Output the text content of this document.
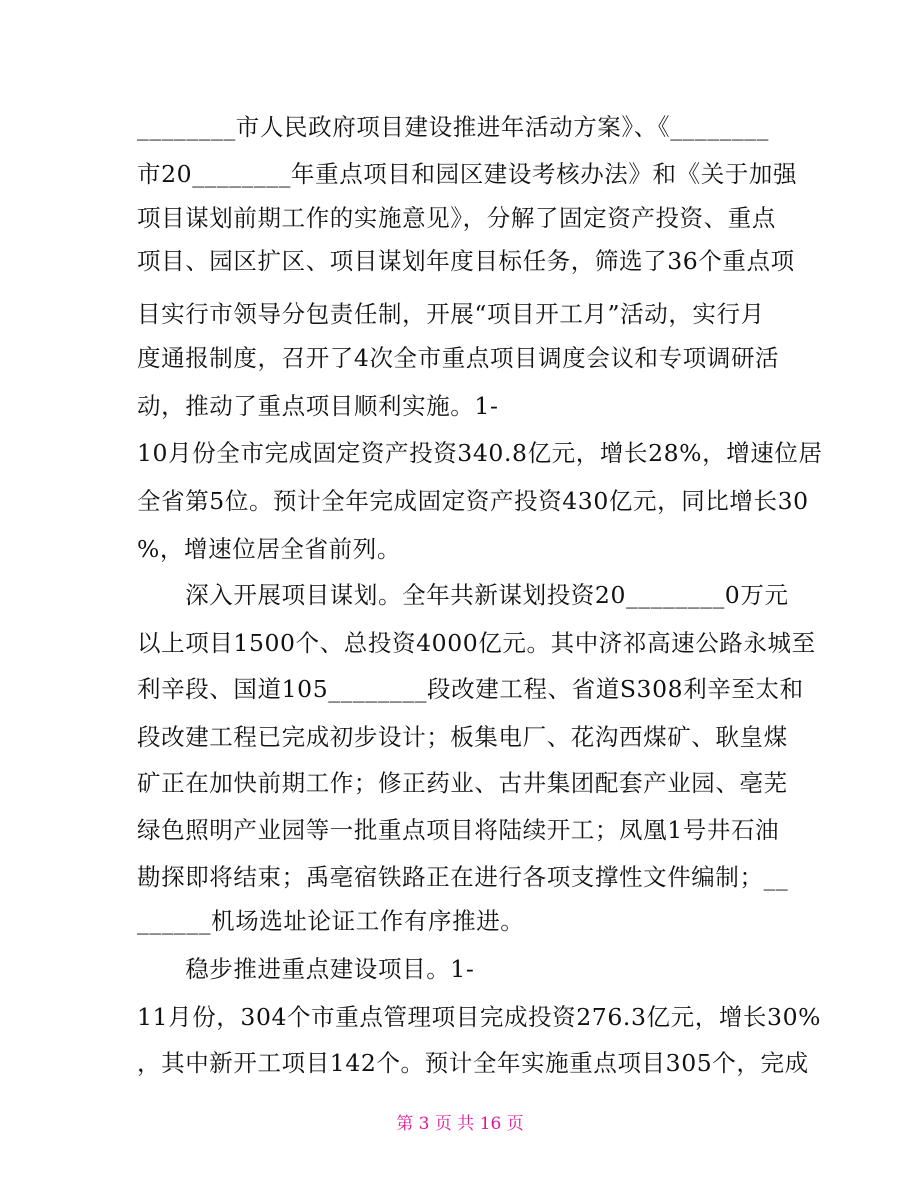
________市人民政府项目建设推进年活动方案》、《________
市20________年重点项目和园区建设考核办法》和《关于加强
项目谋划前期工作的实施意见》，分解了固定资产投资、重点
项目、园区扩区、项目谋划年度目标任务，筛选了36个重点项
目实行市领导分包责任制，开展“项目开工月”活动，实行月
度通报制度，召开了4次全市重点项目调度会议和专项调研活
动，推动了重点项目顺利实施。1-
10月份全市完成固定资产投资340.8亿元，增长28%，增速位居
全省第5位。预计全年完成固定资产投资430亿元，同比增长30
%，增速位居全省前列。
　　深入开展项目谋划。全年共新谋划投资20________0万元
以上项目1500个、总投资4000亿元。其中济祁高速公路永城至
利辛段、国道105________段改建工程、省道S308利辛至太和
段改建工程已完成初步设计；板集电厂、花沟西煤矿、耿皇煤
矿正在加快前期工作；修正药业、古井集团配套产业园、亳芜
绿色照明产业园等一批重点项目将陆续开工；凤凰1号井石油
勘探即将结束；禹亳宿铁路正在进行各项支撑性文件编制；__
______机场选址论证工作有序推进。
　　稳步推进重点建设项目。1-
11月份，304个市重点管理项目完成投资276.3亿元，增长30%
，其中新开工项目142个。预计全年实施重点项目305个，完成
第 3 页 共 16 页
